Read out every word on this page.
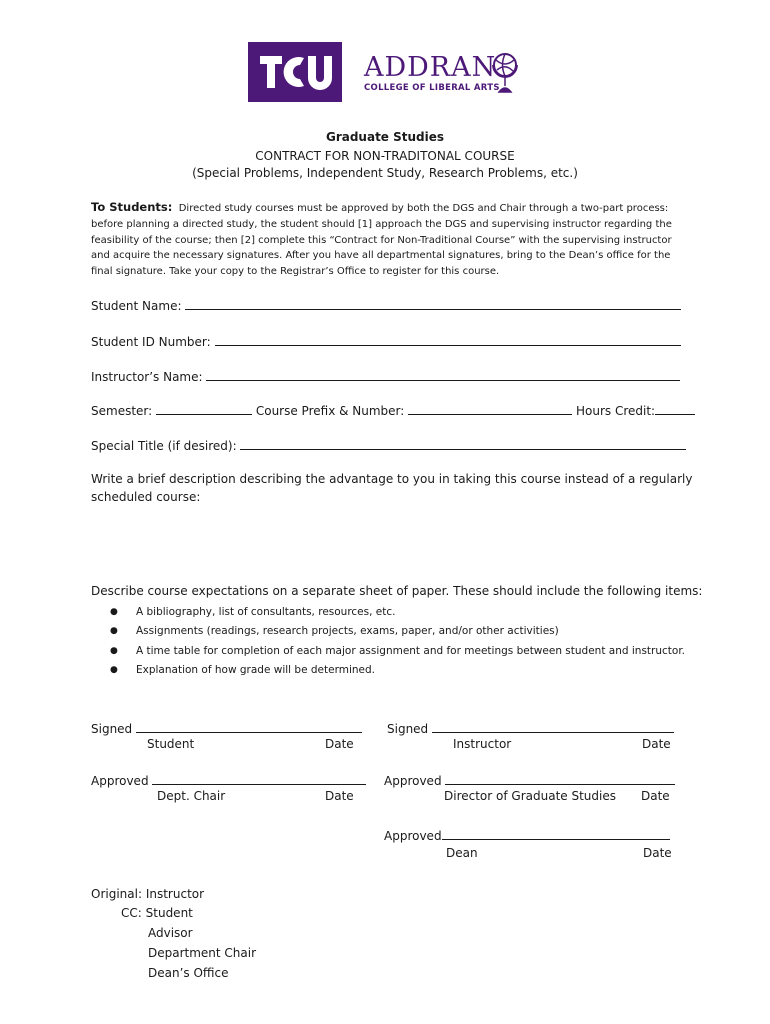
ADDRAN
COLLEGE OF LIBERAL ARTS
Graduate Studies
CONTRACT FOR NON-TRADITONAL COURSE
(Special Problems, Independent Study, Research Problems, etc.)
To Students: Directed study courses must be approved by both the DGS and Chair through a two-part process:
before planning a directed study, the student should [1] approach the DGS and supervising instructor regarding the
feasibility of the course; then [2] complete this “Contract for Non-Traditional Course” with the supervising instructor
and acquire the necessary signatures. After you have all departmental signatures, bring to the Dean’s office for the
final signature. Take your copy to the Registrar’s Office to register for this course.
Student Name:
Student ID Number:
Instructor’s Name:
Semester:	Course Prefix & Number:	Hours Credit:
Special Title (if desired):
Write a brief description describing the advantage to you in taking this course instead of a regularly
scheduled course:
Describe course expectations on a separate sheet of paper. These should include the following items:
●	A bibliography, list of consultants, resources, etc.
●	Assignments (readings, research projects, exams, paper, and/or other activities)
●	A time table for completion of each major assignment and for meetings between student and instructor.
●	Explanation of how grade will be determined.
Signed
Student	Date
Approved
Dept. Chair	Date
Signed
Instructor	Date
Approved
Director of Graduate Studies Date
Approved
Dean	Date
Original: Instructor
CC: Student
Advisor
Department Chair
Dean’s Office
